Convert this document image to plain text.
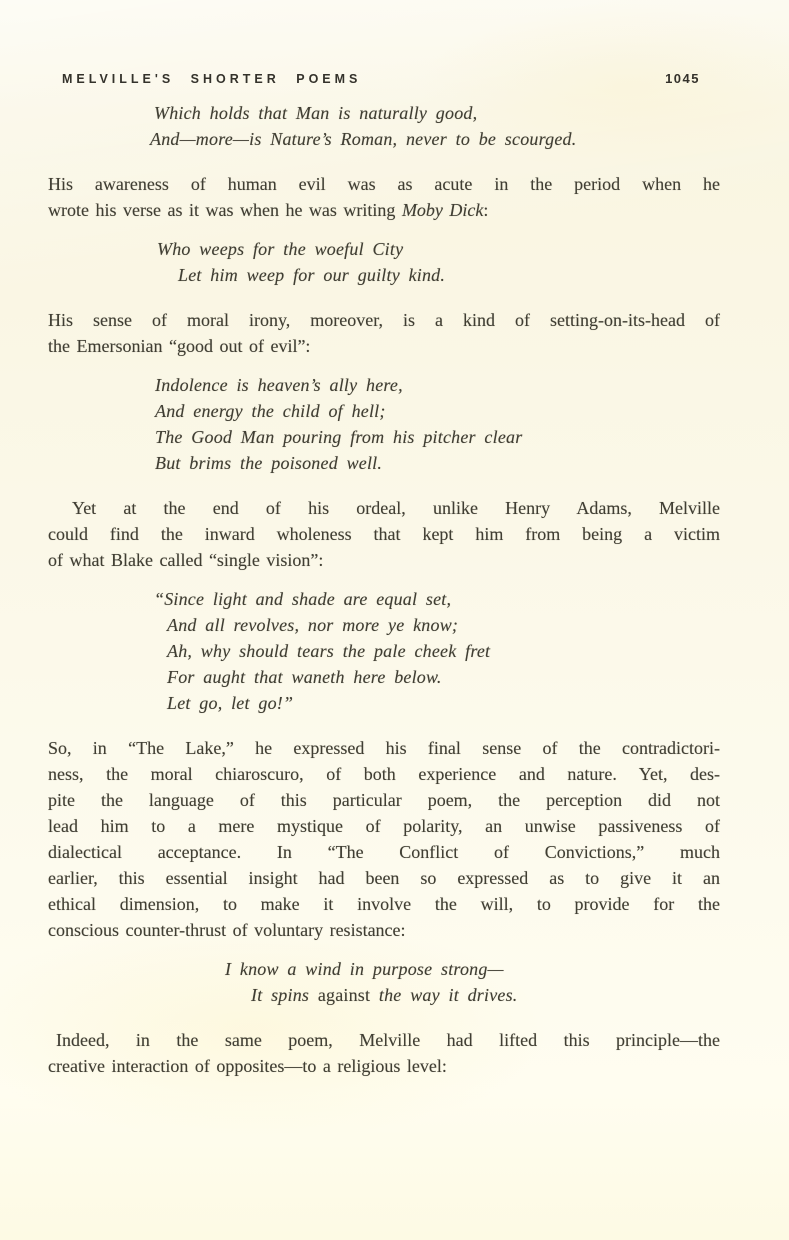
MELVILLE'S SHORTER POEMS	1045
Which holds that Man is naturally good,
And—more—is Nature’s Roman, never to be scourged.
His awareness of human evil was as acute in the period when he
wrote his verse as it was when he was writing Moby Dick:
Who weeps for the woeful City
Let him weep for our guilty kind.
His sense of moral irony, moreover, is a kind of setting-on-its-head of
the Emersonian “good out of evil”:
Indolence is heaven’s ally here,
And energy the child of hell;
The Good Man pouring from his pitcher clear
But brims the poisoned well.
Yet at the end of his ordeal, unlike Henry Adams, Melville
could find the inward wholeness that kept him from being a victim
of what Blake called “single vision”:
“Since light and shade are equal set,
And all revolves, nor more ye know;
Ah, why should tears the pale cheek fret
For aught that waneth here below.
Let go, let go!”
So, in “The Lake,” he expressed his final sense of the contradictori-
ness, the moral chiaroscuro, of both experience and nature. Yet, des-
pite the language of this particular poem, the perception did not
lead him to a mere mystique of polarity, an unwise passiveness of
dialectical acceptance. In “The Conflict of Convictions,” much
earlier, this essential insight had been so expressed as to give it an
ethical dimension, to make it involve the will, to provide for the
conscious counter-thrust of voluntary resistance:
I know a wind in purpose strong—
It spins against the way it drives.
Indeed, in the same poem, Melville had lifted this principle—the
creative interaction of opposites—to a religious level:
